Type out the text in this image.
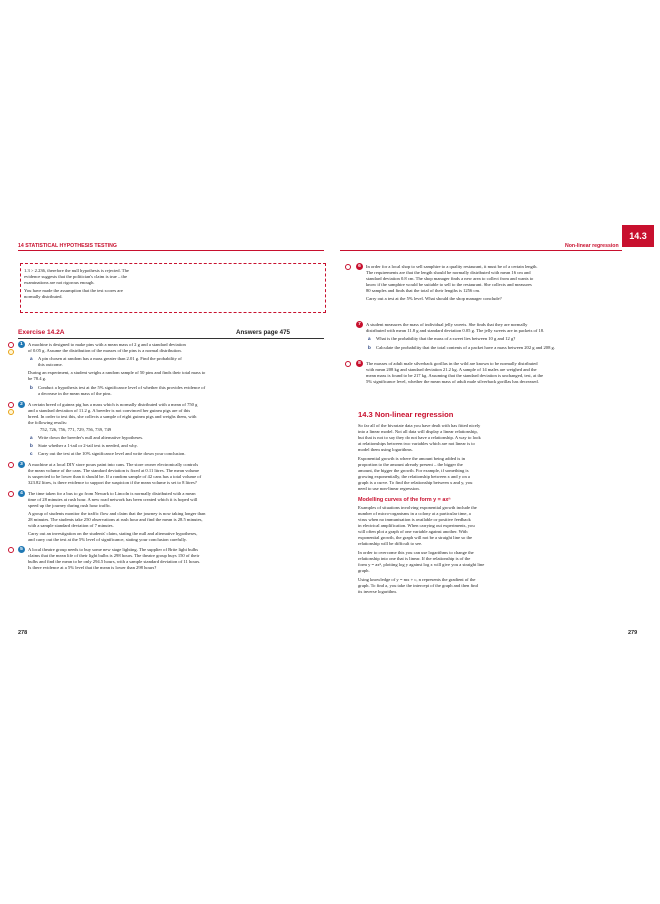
14 STATISTICAL HYPOTHESIS TESTING

1.3 > 2.236, therefore the null hypothesis is rejected. The

evidence suggests that the politician's claim is true – the

examinations are not rigorous enough.

You have made the assumption that the test scores are

normally distributed.

Exercise 14.2A	Answers page 475
1	A machine is designed to make pins with a mean mass of 2 g and a standard deviation

of 0.05 g. Assume the distribution of the masses of the pins is a normal distribution.

a A pin chosen at random has a mass greater than 2.01 g. Find the probability of

this outcome.

During an experiment, a student weighs a random sample of 50 pins and finds their total mass to

be 78.4 g.

b Conduct a hypothesis test at the 5% significance level of whether this provides evidence of

a decrease in the mean mass of the pins.

2	A certain breed of guinea pig has a mass which is normally distributed with a mean of 750 g

and a standard deviation of 11.2 g. A breeder is not convinced her guinea pigs are of this

breed. In order to test this, she collects a sample of eight guinea pigs and weighs them, with

the following results:

752, 726, 756, 771, 729, 756, 739, 749

a Write down the breeder's null and alternative hypotheses.

b State whether a 1-tail or 2-tail test is needed, and why.

c Carry out the test at the 10% significance level and write down your conclusion.

3	A machine at a local DIY store pours paint into cans. The store owner electronically controls

the mean volume of the cans. The standard deviation is fixed at 0.11 litres. The mean volume

is suspected to be lower than it should be. If a random sample of 42 cans has a total volume of

323.82 litres, is there evidence to support the suspicion if the mean volume is set to 8 litres?

4	The time taken for a bus to go from Newark to Lincoln is normally distributed with a mean

time of 28 minutes at rush hour. A new road network has been created which it is hoped will

speed up the journey during rush hour traffic.

A group of students monitor the traffic flow and claim that the journey is now taking longer than

28 minutes. The students take 250 observations at rush hour and find the mean is 28.5 minutes,

with a sample standard deviation of 7 minutes.

Carry out an investigation on the students' claim, stating the null and alternative hypotheses,

and carry out the test at the 5% level of significance, stating your conclusion carefully.

5	A local theatre group needs to buy some new stage lighting. The supplier of Brite light bulbs

claims that the mean life of their light bulbs is 298 hours. The theatre group buys 150 of their

bulbs and find the mean to be only 294.5 hours, with a sample standard deviation of 11 hours.

Is there evidence at a 5% level that the mean is lower than 298 hours?

278
Non-linear regression
14.3
6	In order for a local shop to sell samphire to a quality restaurant, it must be of a certain length.

The requirements are that the length should be normally distributed with mean 16 cm and

standard deviation 0.8 cm. The shop manager finds a new area to collect from and wants to

know if the samphire would be suitable to sell to the restaurant. She collects and measures

80 samples and finds that the total of their lengths is 1256 cm.

Carry out a test at the 5% level. What should the shop manager conclude?

7	A student measures the mass of individual jelly sweets. She finds that they are normally

distributed with mean 11.8 g and standard deviation 0.05 g. The jelly sweets are in packets of 18.

a What is the probability that the mass of a sweet lies between 10 g and 12 g?

b Calculate the probability that the total contents of a packet have a mass between 202 g and 208 g.

8	The masses of adult male silverback gorillas in the wild are known to be normally distributed

with mean 208 kg and standard deviation 21.2 kg. A sample of 14 males are weighed and the

mean mass is found to be 217 kg. Assuming that the standard deviation is unchanged, test, at the

5% significance level, whether the mean mass of adult male silverback gorillas has decreased.

14.3 Non-linear regression

So far all of the bivariate data you have dealt with has fitted nicely

into a linear model. Not all data will display a linear relationship,

but that is not to say they do not have a relationship. A way to look

at relationships between two variables which are not linear is to

model them using logarithms.

Exponential growth is where the amount being added is in

proportion to the amount already present – the bigger the

amount, the bigger the growth. For example, if something is

growing exponentially, the relationship between x and y on a

graph is a curve. To find the relationship between x and y, you

need to use non-linear regression.

Modelling curves of the form y = axⁿ

Examples of situations involving exponential growth include the

number of micro-organisms in a colony at a particular time, a

virus when no immunisation is available or positive feedback

in electrical amplification. When carrying out experiments, you

will often plot a graph of one variable against another. With

exponential growth, the graph will not be a straight line so the

relationship will be difficult to see.

In order to overcome this you can use logarithms to change the

relationship into one that is linear. If the relationship is of the

form y = axⁿ, plotting log y against log x will give you a straight line

graph.

Using knowledge of y = mx + c, n represents the gradient of the

graph. To find a, you take the intercept of the graph and then find

its inverse logarithm.

279
